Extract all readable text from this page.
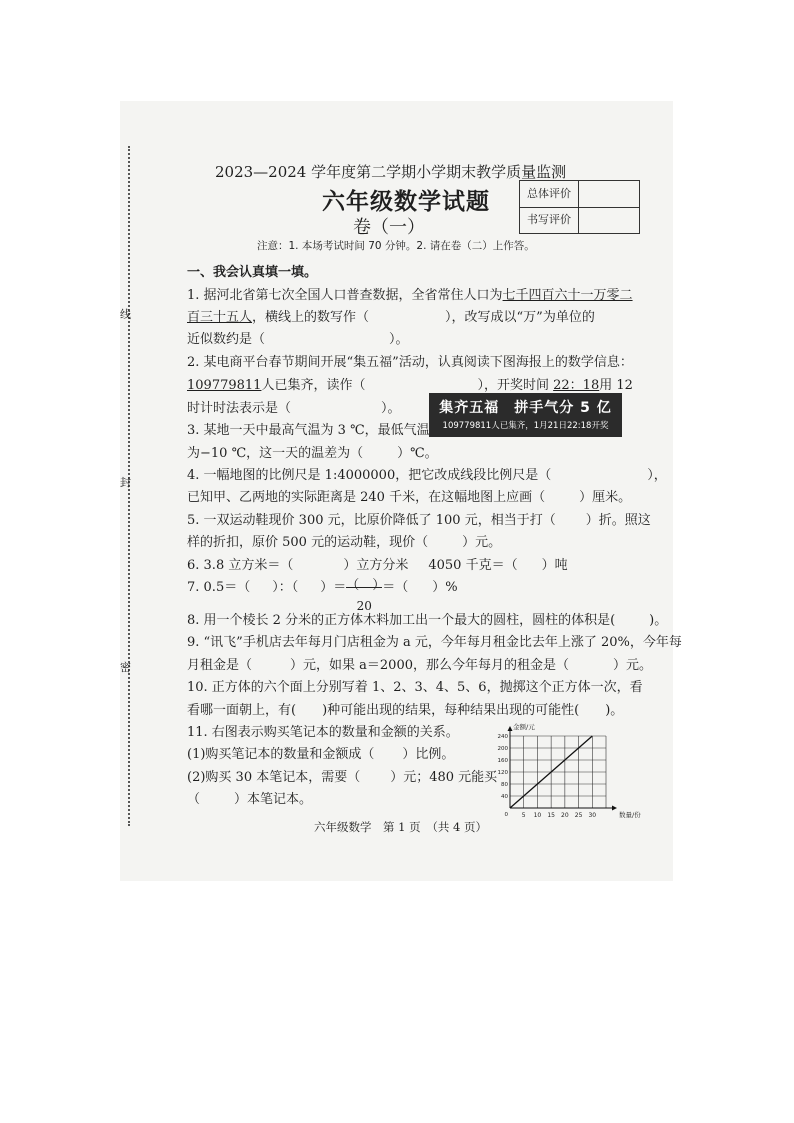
线
封
密
2023—2024 学年度第二学期小学期末教学质量监测
六年级数学试题
卷（一）
注意：1. 本场考试时间 70 分钟。2. 请在卷（二）上作答。
总体评价
书写评价
一、我会认真填一填。
1. 据河北省第七次全国人口普查数据，全省常住人口为七千四百六十一万零二
百三十五人，横线上的数写作（	），改写成以“万”为单位的
近似数约是（	）。
2. 某电商平台春节期间开展“集五福”活动，认真阅读下图海报上的数学信息：
109779811人已集齐，读作（	），开奖时间 22：18用 12
时计时法表示是（	）。	集齐五福　拼手气分 5 亿
109779811人已集齐，1月21日22:18开奖
3. 某地一天中最高气温为 3 ℃，最低气温
为−10 ℃，这一天的温差为（	）℃。
4. 一幅地图的比例尺是 1:4000000，把它改成线段比例尺是（	），
已知甲、乙两地的实际距离是 240 千米，在这幅地图上应画（	）厘米。
5. 一双运动鞋现价 300 元，比原价降低了 100 元，相当于打（ ）折。照这
样的折扣，原价 500 元的运动鞋，现价（	）元。
6. 3.8 立方米＝（	）立方分米 4050 千克＝（ ）吨
7. 0.5＝（ ）：（ ）＝ （　）
20
＝（ ）%
8. 用一个棱长 2 分米的正方体木料加工出一个最大的圆柱，圆柱的体积是(	)。
9. “讯飞”手机店去年每月门店租金为 a 元，今年每月租金比去年上涨了 20%，今年每
月租金是（	）元，如果 a＝2000，那么今年每月的租金是（	）元。
10. 正方体的六个面上分别写着 1、2、3、4、5、6，抛掷这个正方体一次，看
看哪一面朝上，有( )种可能出现的结果，每种结果出现的可能性( )。
11. 右图表示购买笔记本的数量和金额的关系。
(1)购买笔记本的数量和金额成（ ）比例。
(2)购买 30 本笔记本，需要（ ）元；480 元能买
（	）本笔记本。
5 10 15 20 25 30
40
80
120
160
200
240
0
金额/元
数量/份
六年级数学　第 1 页　（共 4 页）
